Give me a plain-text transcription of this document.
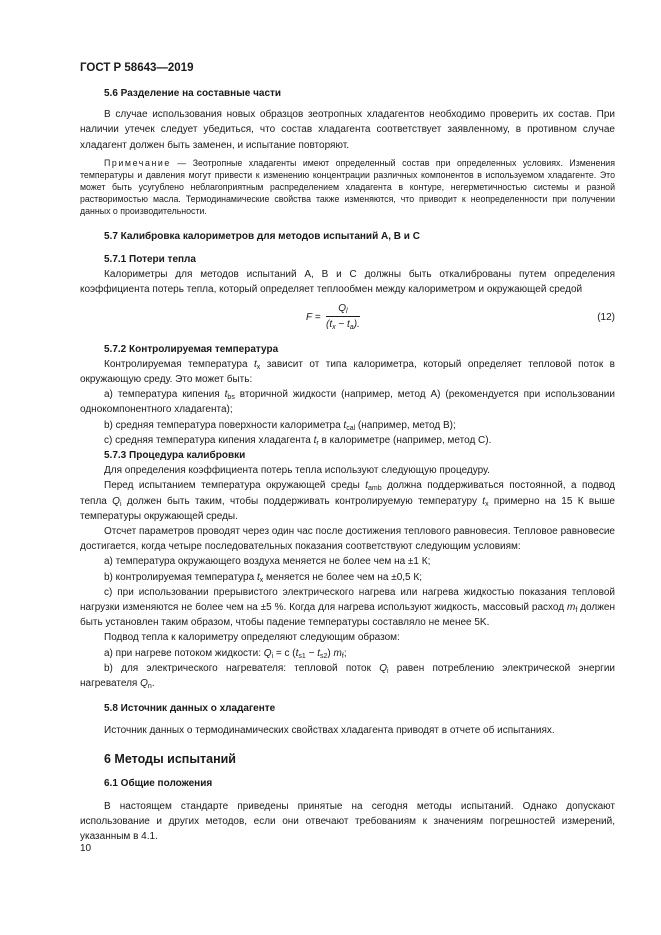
ГОСТ Р 58643—2019

5.6 Разделение на составные части

В случае использования новых образцов зеотропных хладагентов необходимо проверить их состав. При наличии утечек следует убедиться, что состав хладагента соответствует заявленному, в противном случае хладагент должен быть заменен, и испытание повторяют.

Примечание — Зеотропные хладагенты имеют определенный состав при определенных условиях. Изменения температуры и давления могут привести к изменению концентрации различных компонентов в используемом хладагенте. Это может быть усугублено неблагоприятным распределением хладагента в контуре, негерметичностью системы и разной растворимостью масла. Термодинамические свойства также изменяются, что приводит к неопределенности при получении данных о производительности.

5.7 Калибровка калориметров для методов испытаний А, В и С

5.7.1 Потери тепла

Калориметры для методов испытаний А, В и С должны быть откалиброваны путем определения коэффициента потерь тепла, который определяет теплообмен между калориметром и окружающей средой

$F = \frac{Q_l}{(t_x - t_a).}$	(12)

5.7.2 Контролируемая температура

Контролируемая температура $t_x$ зависит от типа калориметра, который определяет тепловой поток в окружающую среду. Это может быть:

a) температура кипения $t_{bs}$ вторичной жидкости (например, метод А) (рекомендуется при использовании однокомпонентного хладагента);

b) средняя температура поверхности калориметра $t_{cal}$ (например, метод В);

c) средняя температура кипения хладагента $t_r$ в калориметре (например, метод С).

5.7.3 Процедура калибровки

Для определения коэффициента потерь тепла используют следующую процедуру.

Перед испытанием температура окружающей среды $t_{amb}$ должна поддерживаться постоянной, а подвод тепла $Q_i$ должен быть таким, чтобы поддерживать контролируемую температуру $t_x$ примерно на 15 К выше температуры окружающей среды.

Отсчет параметров проводят через один час после достижения теплового равновесия. Тепловое равновесие достигается, когда четыре последовательных показания соответствуют следующим условиям:

a) температура окружающего воздуха меняется не более чем на ±1 К;

b) контролируемая температура $t_x$ меняется не более чем на ±0,5 К;

c) при использовании прерывистого электрического нагрева или нагрева жидкостью показания тепловой нагрузки изменяются не более чем на ±5 %. Когда для нагрева используют жидкость, массовый расход $m_f$ должен быть установлен таким образом, чтобы падение температуры составляло не менее 5K.

Подвод тепла к калориметру определяют следующим образом:

a) при нагреве потоком жидкости: $Q_i = c$ $(t_{s1} - t_{s2})$ $m_f$;

b) для электрического нагревателя: тепловой поток $Q_i$ равен потреблению электрической энергии нагревателя $Q_n$.

5.8 Источник данных о хладагенте

Источник данных о термодинамических свойствах хладагента приводят в отчете об испытаниях.

6 Методы испытаний

6.1 Общие положения

В настоящем стандарте приведены принятые на сегодня методы испытаний. Однако допускают использование и других методов, если они отвечают требованиям к значениям погрешностей измерений, указанным в 4.1.

10
